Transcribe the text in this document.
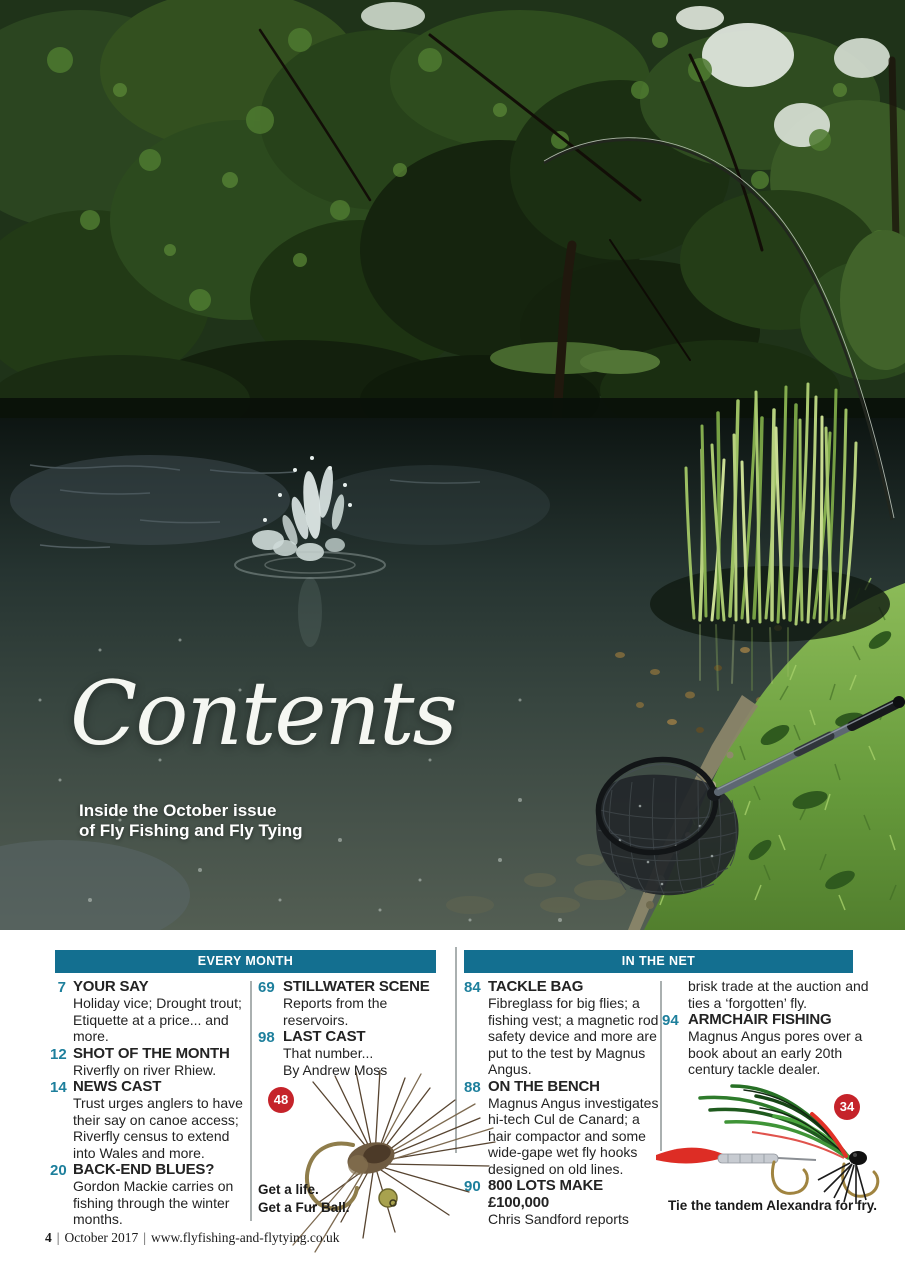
Contents
Inside the October issue
of Fly Fishing and Fly Tying
EVERY MONTH	IN THE NET
7 YOUR SAY
Holiday vice; Drought trout; Etiquette at a price... and more.
12 SHOT OF THE MONTH
Riverfly on river Rhiew.
14 NEWS CAST
Trust urges anglers to have their say on canoe access; Riverfly census to extend into Wales and more.
20 BACK-END BLUES?
Gordon Mackie carries on fishing through the winter months.
69 STILLWATER SCENE
Reports from the reservoirs.
98 LAST CAST
That number...
By Andrew Moss
84 TACKLE BAG
Fibreglass for big flies; a fishing vest; a magnetic rod safety device and more are put to the test by Magnus Angus.
88 ON THE BENCH
Magnus Angus investigates hi-tech Cul de Canard; a hair compactor and some wide-gape wet fly hooks designed on old lines.
90 800 LOTS MAKE £100,000
Chris Sandford reports
brisk trade at the auction and ties a ‘forgotten’ fly.
94 ARMCHAIR FISHING
Magnus Angus pores over a book about an early 20th century tackle dealer.
48
Get a life.
Get a Fur Ball.
34
Tie the tandem Alexandra for fry.
4 | October 2017 | www.flyfishing-and-flytying.co.uk
